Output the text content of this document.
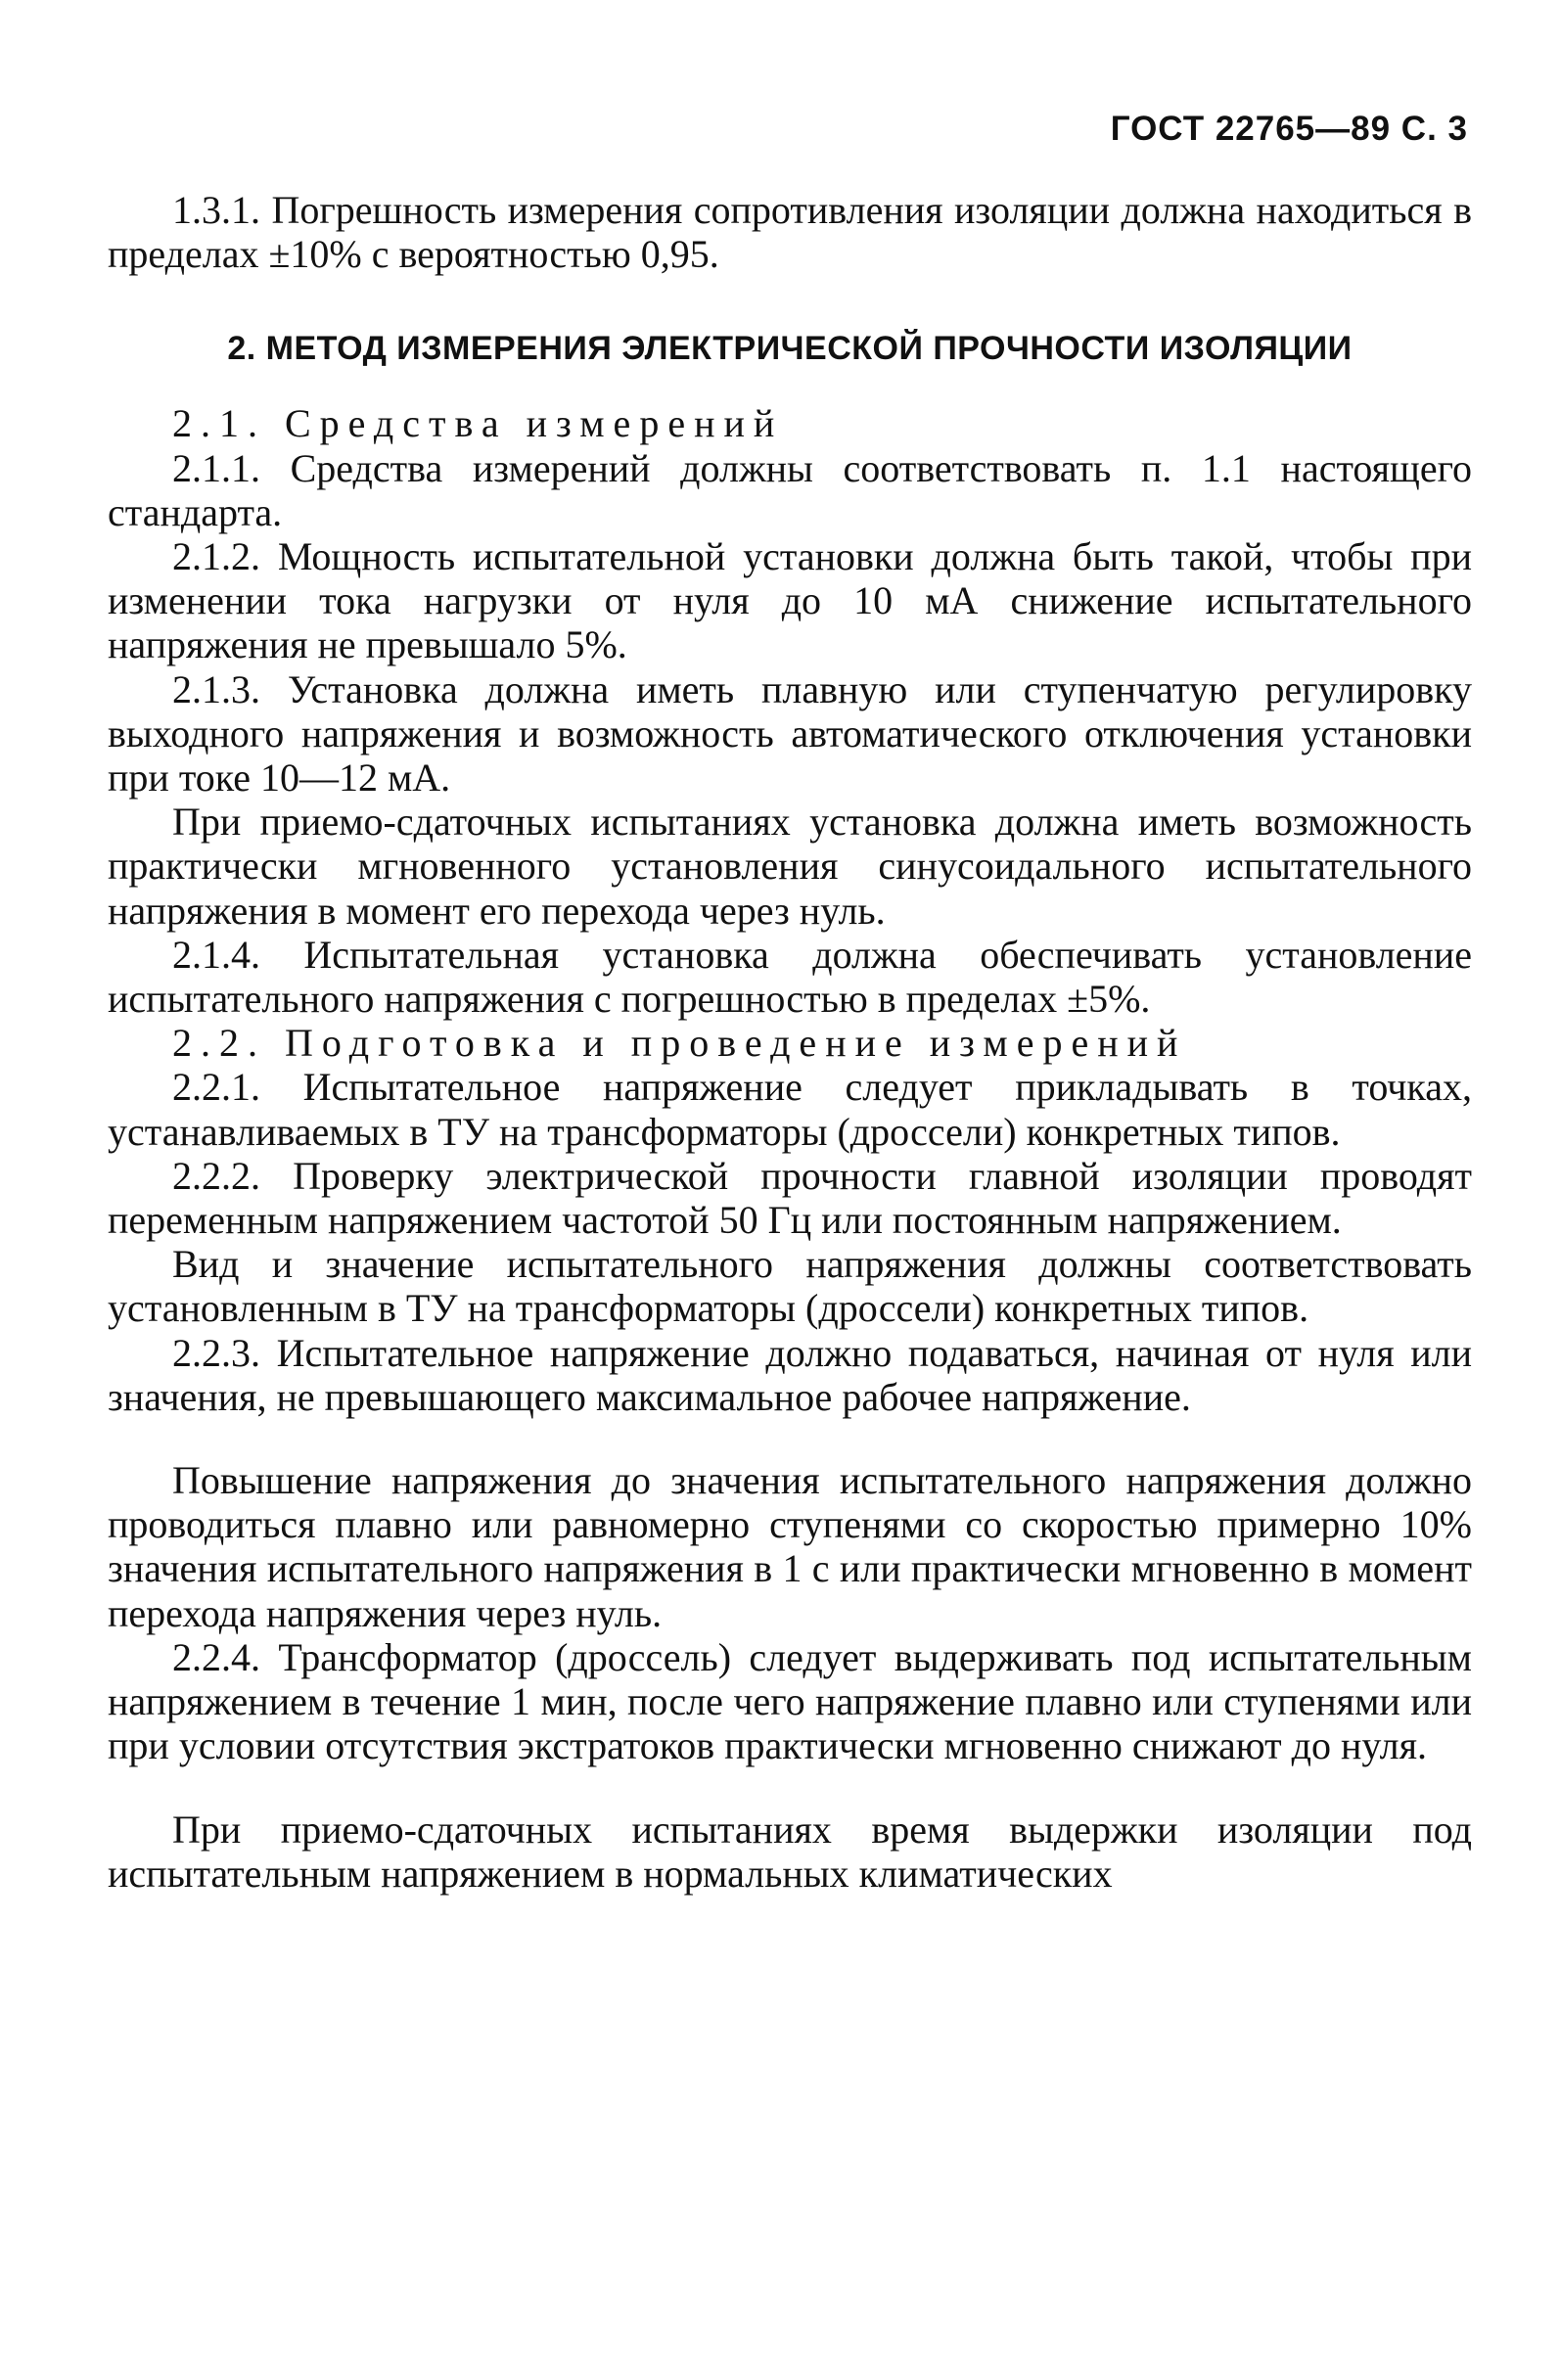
ГОСТ 22765—89 С. 3

1.3.1. Погрешность измерения сопротивления изоляции должна находиться в пределах ±10% с вероятностью 0,95.

2. МЕТОД ИЗМЕРЕНИЯ ЭЛЕКТРИЧЕСКОЙ ПРОЧНОСТИ ИЗОЛЯЦИИ

2.1. Средства измерений

2.1.1. Средства измерений должны соответствовать п. 1.1 настоящего стандарта.

2.1.2. Мощность испытательной установки должна быть такой, чтобы при изменении тока нагрузки от нуля до 10 мА снижение испытательного напряжения не превышало 5%.

2.1.3. Установка должна иметь плавную или ступенчатую регулировку выходного напряжения и возможность автоматического отключения установки при токе 10—12 мА.

При приемо-сдаточных испытаниях установка должна иметь возможность практически мгновенного установления синусоидального испытательного напряжения в момент его перехода через нуль.

2.1.4. Испытательная установка должна обеспечивать установление испытательного напряжения с погрешностью в пределах ±5%.

2.2. Подготовка и проведение измерений

2.2.1. Испытательное напряжение следует прикладывать в точках, устанавливаемых в ТУ на трансформаторы (дроссели) конкретных типов.

2.2.2. Проверку электрической прочности главной изоляции проводят переменным напряжением частотой 50 Гц или постоянным напряжением.

Вид и значение испытательного напряжения должны соответствовать установленным в ТУ на трансформаторы (дроссели) конкретных типов.

2.2.3. Испытательное напряжение должно подаваться, начиная от нуля или значения, не превышающего максимальное рабочее напряжение.

Повышение напряжения до значения испытательного напряжения должно проводиться плавно или равномерно ступенями со скоростью примерно 10% значения испытательного напряжения в 1 с или практически мгновенно в момент перехода напряжения через нуль.

2.2.4. Трансформатор (дроссель) следует выдерживать под испытательным напряжением в течение 1 мин, после чего напряжение плавно или ступенями или при условии отсутствия экстратоков практически мгновенно снижают до нуля.

При приемо-сдаточных испытаниях время выдержки изоляции под испытательным напряжением в нормальных климатических
